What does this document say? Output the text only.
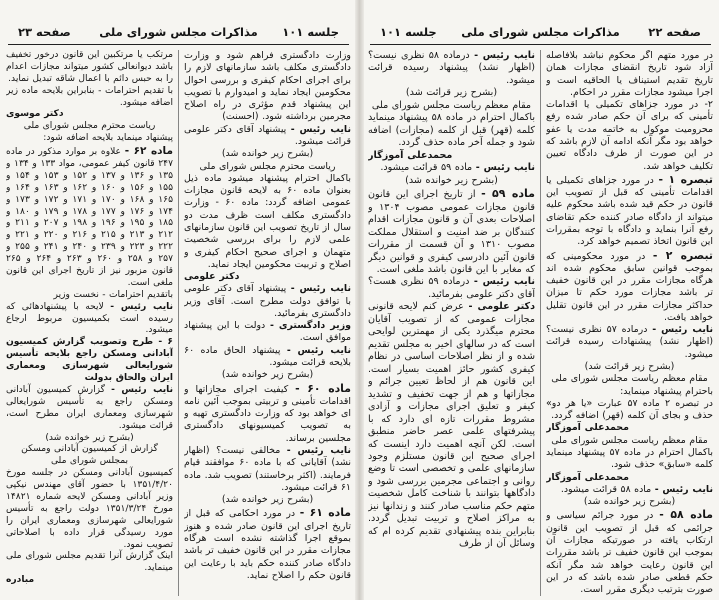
صفحه ۲۲
مذاکرات مجلس شورای ملی
جلسه ۱۰۱

در مورد متهم اگر محکوم نباشد بلافاصله آزاد شود تاریخ انقضای مجازات همان تاریخ تقدیم استیناف یا الحاقیه است و اجرا میشود مجازات مقرر در احکام.

۲- در مورد جزاهای تکمیلی یا اقدامات تأمینی که برای آن حکم صادر شده رفع محرومیت موکول به خاتمه مدت یا عفو خواهد بود مگر آنکه ادامه آن لازم باشد که در این صورت از طرف دادگاه تعیین تکلیف خواهد شد.

تبصره ۱ - در مورد جزاهای تکمیلی یا اقدامات تأمینی که قبل از تصویب این قانون در حکم قید شده باشد محکوم علیه میتواند از دادگاه صادر کننده حکم تقاضای رفع آنرا بنماید و دادگاه با توجه بمقررات این قانون اتخاذ تصمیم خواهد کرد.

تبصره ۲ - در مورد محکومینی که بموجب قوانین سابق محکوم شده اند هرگاه مجازات مقرر در این قانون خفیف تر باشد مجازات مورد حکم تا میزان حداکثر مجازات مقرر در این قانون تقلیل خواهد یافت.

نایب رئیس - درماده ۵۷ نظری نیست؟ (اظهار نشد) پیشنهادات رسیده قرائت میشود.

(بشرح زیر قرائت شد)

مقام معظم ریاست مجلس شورای ملی

باحترام پیشنهاد مینماید:

در تبصره ۲ ماده ۵۷ عبارت «یا هر دو» حذف و بجای آن کلمه (قهر) اضافه گردد.

محمدعلی آموزگار

مقام معظم ریاست مجلس شورای ملی

باکمال احترام در ماده ۵۷ پیشنهاد مینماید کلمه «سابق» حذف شود.

محمدعلی آموزگار

نایب رئیس - ماده ۵۸ قرائت میشود.

(بشرح زیر خوانده شد)

ماده ۵۸ - در مورد جرائم سیاسی و جرائمی که قبل از تصویب این قانون ارتکاب یافته در صورتیکه مجازات آن بموجب این قانون خفیف تر باشد مقررات این قانون رعایت خواهد شد مگر آنکه حکم قطعی صادر شده باشد که در این صورت بترتیب دیگری مقرر است.

نایب رئیس - درماده ۵۸ نظری نیست؟ (اظهار نشد) پیشنهاد رسیده قرائت میشود.

(بشرح زیر قرائت شد)

مقام معظم ریاست مجلس شورای ملی

باکمال احترام در ماده ۵۸ پیشنهاد مینماید کلمه (قهر) قبل از کلمه (مجازات) اضافه شود و جمله آخر ماده حذف گردد.

محمدعلی آموزگار

نایب رئیس - ماده ۵۹ قرائت میشود.

(بشرح زیر خوانده شد)

ماده ۵۹ - از تاریخ اجرای این قانون قانون مجازات عمومی مصوب ۱۳۰۴ و اصلاحات بعدی آن و قانون مجازات اقدام کنندگان بر ضد امنیت و استقلال مملکت مصوب ۱۳۱۰ و آن قسمت از مقررات قانون آئین دادرسی کیفری و قوانین دیگر که مغایر با این قانون باشد ملغی است.

نایب رئیس - درماده ۵۹ نظری هست؟ آقای دکتر علومی بفرمائید.

دکتر علومی - عرض کنم لایحه قانونی مجازات عمومی که از تصویب آقایان محترم میگذرد یکی از مهمترین لوایحی است که در سالهای اخیر به مجلس تقدیم شده و از نظر اصلاحات اساسی در نظام کیفری کشور حائز اهمیت بسیار است. این قانون هم از لحاظ تعیین جرائم و مجازاتها و هم از جهت تخفیف و تشدید کیفر و تعلیق اجرای مجازات و آزادی مشروط مقررات تازه ای دارد که با پیشرفتهای علمی عصر حاضر منطبق است. لکن آنچه اهمیت دارد اینست که اجرای صحیح این قانون مستلزم وجود سازمانهای علمی و تخصصی است تا وضع روانی و اجتماعی مجرمین بررسی شود و دادگاهها بتوانند با شناخت کامل شخصیت متهم حکم مناسب صادر کنند و زندانها نیز به مراکز اصلاح و تربیت تبدیل گردد. بنابراین بنده پیشنهادی تقدیم کرده ام که وسائل آن از طرف

جلسه ۱۰۱
مذاکرات مجلس شورای ملی
صفحه ۲۳

وزارت دادگستری فراهم شود و وزارت دادگستری مکلف باشد سازمانهای لازم را برای اجرای احکام کیفری و بررسی احوال محکومین ایجاد نماید و امیدوارم با تصویب این پیشنهاد قدم مؤثری در راه اصلاح مجرمین برداشته شود. (احسنت)

نایب رئیس - پیشنهاد آقای دکتر علومی قرائت میشود.

(بشرح زیر خوانده شد)

ریاست محترم مجلس شورای ملی

باکمال احترام پیشنهاد میشود ماده ذیل بعنوان ماده ۶۰ به لایحه قانون مجازات عمومی اضافه گردد: ماده ۶۰ - وزارت دادگستری مکلف است ظرف مدت دو سال از تاریخ تصویب این قانون سازمانهای علمی لازم را برای بررسی شخصیت متهمان و اجرای صحیح احکام کیفری و اصلاح و تربیت محکومین ایجاد نماید.

دکتر علومی

نایب رئیس - پیشنهاد آقای دکتر علومی با توافق دولت مطرح است. آقای وزیر دادگستری بفرمائید.

وزیر دادگستری - دولت با این پیشنهاد موافق است.

نایب رئیس - پیشنهاد الحاق ماده ۶۰ بلایحه قرائت میشود.

(بشرح زیر خوانده شد)

ماده ۶۰ - کیفیت اجرای مجازاتها و اقدامات تأمینی و تربیتی بموجب آئین نامه ای خواهد بود که وزارت دادگستری تهیه و به تصویب کمیسیونهای دادگستری مجلسین برساند.

نایب رئیس - مخالفی نیست؟ (اظهار نشد) آقایانی که با ماده ۶۰ موافقند قیام فرمایند. (اکثر برخاستند) تصویب شد. ماده ۶۱ قرائت میشود.

(بشرح زیر خوانده شد)

ماده ۶۱ - در مورد احکامی که قبل از تاریخ اجرای این قانون صادر شده و هنوز بموقع اجرا گذاشته نشده است هرگاه مجازات مقرر در این قانون خفیف تر باشد دادگاه صادر کننده حکم باید با رعایت این قانون حکم را اصلاح نماید.

مرتکب یا مرتکبین این قانون درخور تخفیف باشد دیوانعالی کشور میتواند مجازات اعدام را به حبس دائم با اعمال شاقه تبدیل نماید.

با تقدیم احترامات - بنابراین بلایحه ماده زیر اضافه میشود.

دکتر موسوی

ریاست محترم مجلس شورای ملی

پیشنهاد مینماید بلایحه اضافه شود:

ماده ۶۲ - علاوه بر موارد مذکور در ماده ۲۴۷ قانون کیفر عمومی، مواد ۱۳۳ و ۱۳۴ و ۱۳۵ و ۱۳۶ و ۱۳۷ و ۱۵۲ و ۱۵۳ و ۱۵۴ و ۱۵۵ و ۱۵۶ و ۱۶۰ و ۱۶۲ و ۱۶۳ و ۱۶۴ و ۱۶۵ و ۱۶۸ و ۱۷۰ و ۱۷۱ و ۱۷۲ و ۱۷۳ و ۱۷۴ و ۱۷۶ و ۱۷۷ و ۱۷۸ و ۱۷۹ و ۱۸۰ و ۱۸۵ و ۱۹۵ و ۱۹۶ و ۱۹۸ و ۲۰۷ و ۲۱۱ و ۲۱۲ و ۲۱۳ و ۲۱۵ و ۲۱۶ و ۲۲۰ و ۲۲۱ و ۲۲۲ و ۲۲۳ و ۲۳۹ و ۲۴۰ و ۲۴۱ و ۲۵۵ و ۲۵۷ و ۲۵۸ و ۲۶۰ و ۲۶۳ و ۲۶۴ و ۲۶۵ قانون مزبور نیز از تاریخ اجرای این قانون ملغی است.

باتقدیم احترامات - نخست وزیر

نایب رئیس - لایحه با پیشنهادهائی که رسیده است بکمیسیون مربوط ارجاع میشود.

۶ - طرح وتصویب گزارش کمیسیون آبادانی ومسکن راجع بلایحه تأسیس شورایعالی شهرسازی ومعماری ایران والحاق بدولت

نایب رئیس - گزارش کمیسیون آبادانی ومسکن راجع به تأسیس شورایعالی شهرسازی ومعماری ایران مطرح است، قرائت میشود.

(بشرح زیر خوانده شد)

گزارش از کمیسیون آبادانی ومسکن

بمجلس شورای ملی

کمیسیون آبادانی ومسکن در جلسه مورخ ۱۳۵۱/۴/۲۰ با حضور آقای مهندس نیکپی وزیر آبادانی ومسکن لایحه شماره ۱۴۸۲۱ مورخ ۱۳۵۱/۳/۲۴ دولت راجع به تأسیس شورایعالی شهرسازی ومعماری ایران را مورد رسیدگی قرار داده با اصلاحاتی تصویب نمود.

اینک گزارش آنرا تقدیم مجلس شورای ملی مینماید.

مبادره
